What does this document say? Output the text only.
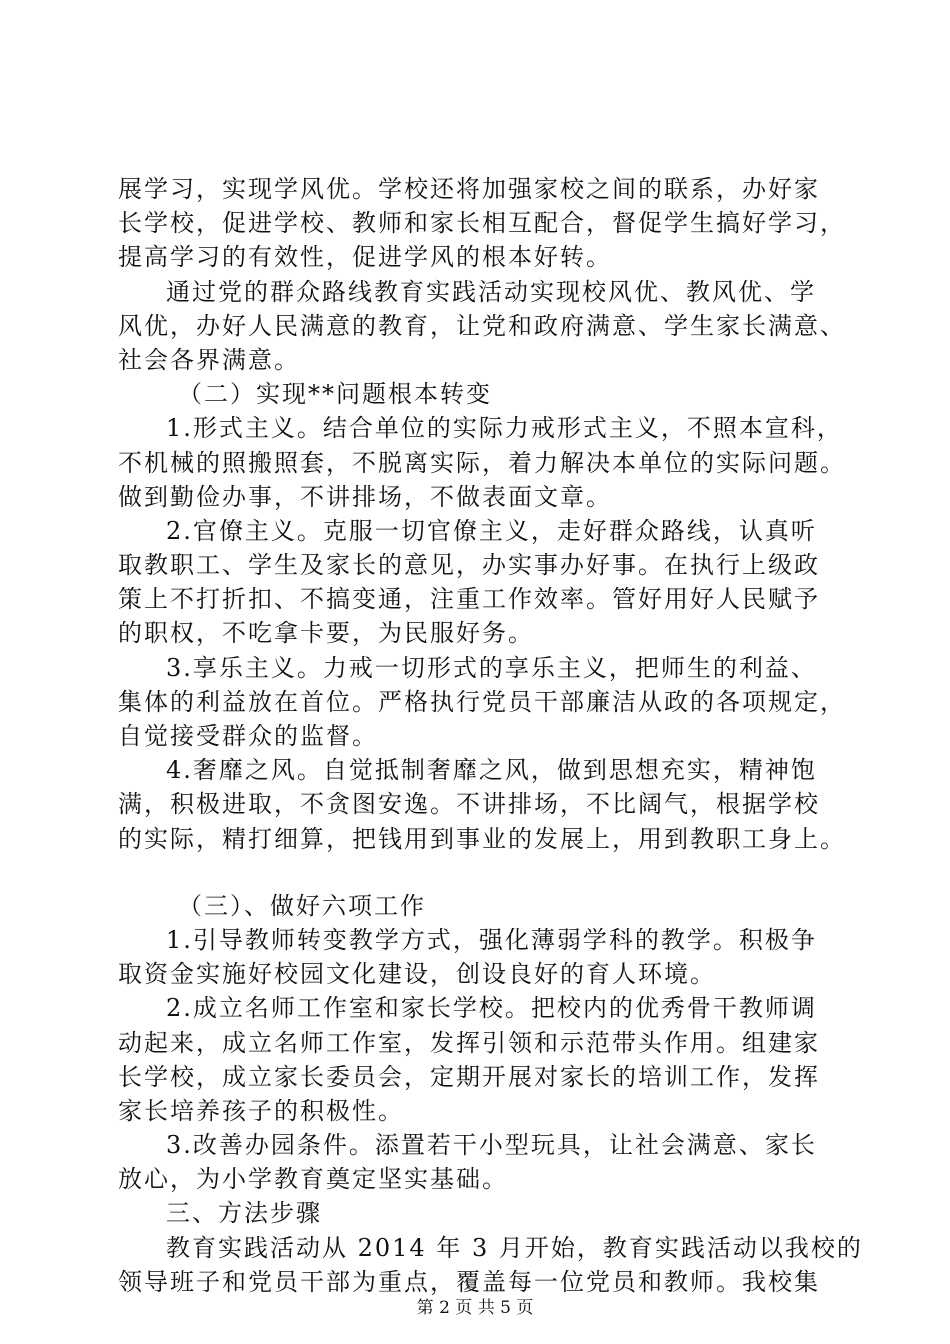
展学习，实现学风优。学校还将加强家校之间的联系，办好家
长学校，促进学校、教师和家长相互配合，督促学生搞好学习，
提高学习的有效性，促进学风的根本好转。
通过党的群众路线教育实践活动实现校风优、教风优、学
风优，办好人民满意的教育，让党和政府满意、学生家长满意、
社会各界满意。
（二）实现**问题根本转变
1.形式主义。结合单位的实际力戒形式主义，不照本宣科，
不机械的照搬照套，不脱离实际，着力解决本单位的实际问题。
做到勤俭办事，不讲排场，不做表面文章。
2.官僚主义。克服一切官僚主义，走好群众路线，认真听
取教职工、学生及家长的意见，办实事办好事。在执行上级政
策上不打折扣、不搞变通，注重工作效率。管好用好人民赋予
的职权，不吃拿卡要，为民服好务。
3.享乐主义。力戒一切形式的享乐主义，把师生的利益、
集体的利益放在首位。严格执行党员干部廉洁从政的各项规定，
自觉接受群众的监督。
4.奢靡之风。自觉抵制奢靡之风，做到思想充实，精神饱
满，积极进取，不贪图安逸。不讲排场，不比阔气，根据学校
的实际，精打细算，把钱用到事业的发展上，用到教职工身上。
（三）、做好六项工作
1.引导教师转变教学方式，强化薄弱学科的教学。积极争
取资金实施好校园文化建设，创设良好的育人环境。
2.成立名师工作室和家长学校。把校内的优秀骨干教师调
动起来，成立名师工作室，发挥引领和示范带头作用。组建家
长学校，成立家长委员会，定期开展对家长的培训工作，发挥
家长培养孩子的积极性。
3.改善办园条件。添置若干小型玩具，让社会满意、家长
放心，为小学教育奠定坚实基础。
三、方法步骤
教育实践活动从 2014 年 3 月开始，教育实践活动以我校的
领导班子和党员干部为重点，覆盖每一位党员和教师。我校集
第 2 页 共 5 页
